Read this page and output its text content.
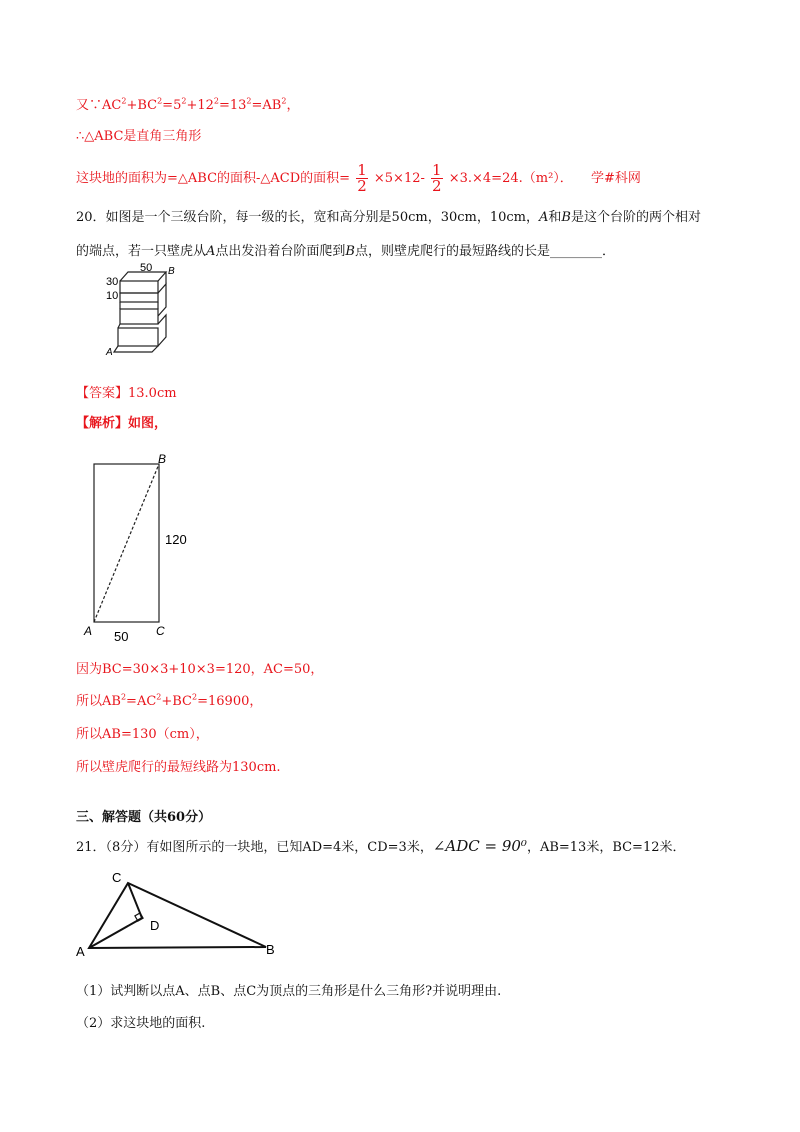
又$\because AC^2+BC^2=5^2+12^2=13^2=AB^2$，
∴△ABC是直角三角形
这块地的面积为=△ABC的面积-△ACD的面积= $\frac{1}{2} \times 5\times 12- \frac{1}{2} \times 3.\times 4=24.(m^2)$． 学#科网
20．如图是一个三级台阶，每一级的长，宽和高分别是50cm，30cm，10cm，A和B是这个台阶的两个相对
的端点，若一只壁虎从A点出发沿着台阶面爬到B点，则壁虎爬行的最短路线的长是________．
50 B
30
10
A
【答案】13.0cm
【解析】如图，
B
120
A	C
50
因为BC=30×3+10×3=120，AC=50，
所以$AB^2=AC^2+BC^2=16900$，
所以AB=130（cm），
所以壁虎爬行的最短线路为130cm.
三、解答题（共60分）
21．（8分）有如图所示的一块地，已知AD=4米，CD=3米，∠ADC = 90⁰，AB=13米，BC=12米．
C
D
A	B
（1）试判断以点A、点B、点C为顶点的三角形是什么三角形?并说明理由.
（2）求这块地的面积.
